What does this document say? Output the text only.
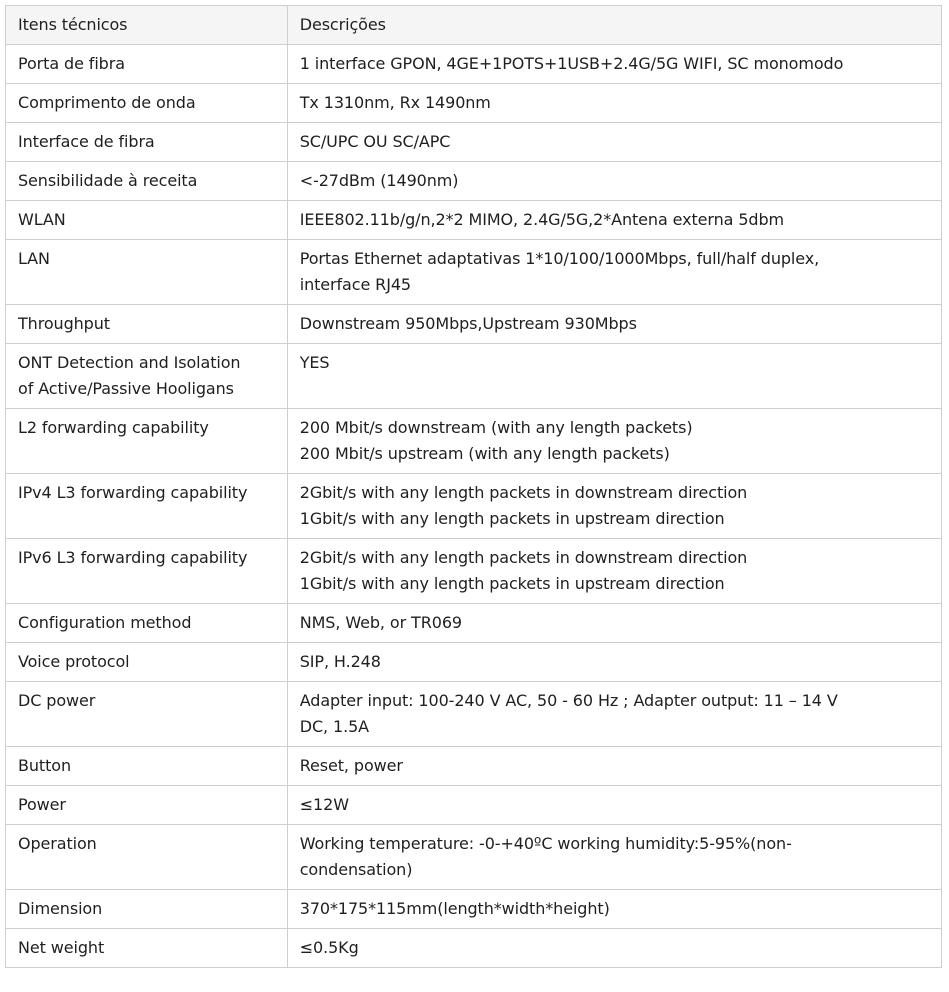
Itens técnicos	Descrições
Porta de fibra	1 interface GPON, 4GE+1POTS+1USB+2.4G/5G WIFI, SC monomodo
Comprimento de onda	Tx 1310nm, Rx 1490nm
Interface de fibra	SC/UPC OU SC/APC
Sensibilidade à receita	<-27dBm (1490nm)
WLAN	IEEE802.11b/g/n,2*2 MIMO, 2.4G/5G,2*Antena externa 5dbm
LAN	Portas Ethernet adaptativas 1*10/100/1000Mbps, full/half duplex,
interface RJ45
Throughput	Downstream 950Mbps,Upstream 930Mbps
ONT Detection and Isolation
of Active/Passive Hooligans	YES
L2 forwarding capability	200 Mbit/s downstream (with any length packets)
200 Mbit/s upstream (with any length packets)
IPv4 L3 forwarding capability	2Gbit/s with any length packets in downstream direction
1Gbit/s with any length packets in upstream direction
IPv6 L3 forwarding capability	2Gbit/s with any length packets in downstream direction
1Gbit/s with any length packets in upstream direction
Configuration method	NMS, Web, or TR069
Voice protocol	SIP, H.248
DC power	Adapter input: 100-240 V AC, 50 - 60 Hz ; Adapter output: 11 – 14 V
DC, 1.5A
Button	Reset, power
Power	≤12W
Operation	Working temperature: -0-+40ºC working humidity:5-95%(non-
condensation)
Dimension	370*175*115mm(length*width*height)
Net weight	≤0.5Kg
